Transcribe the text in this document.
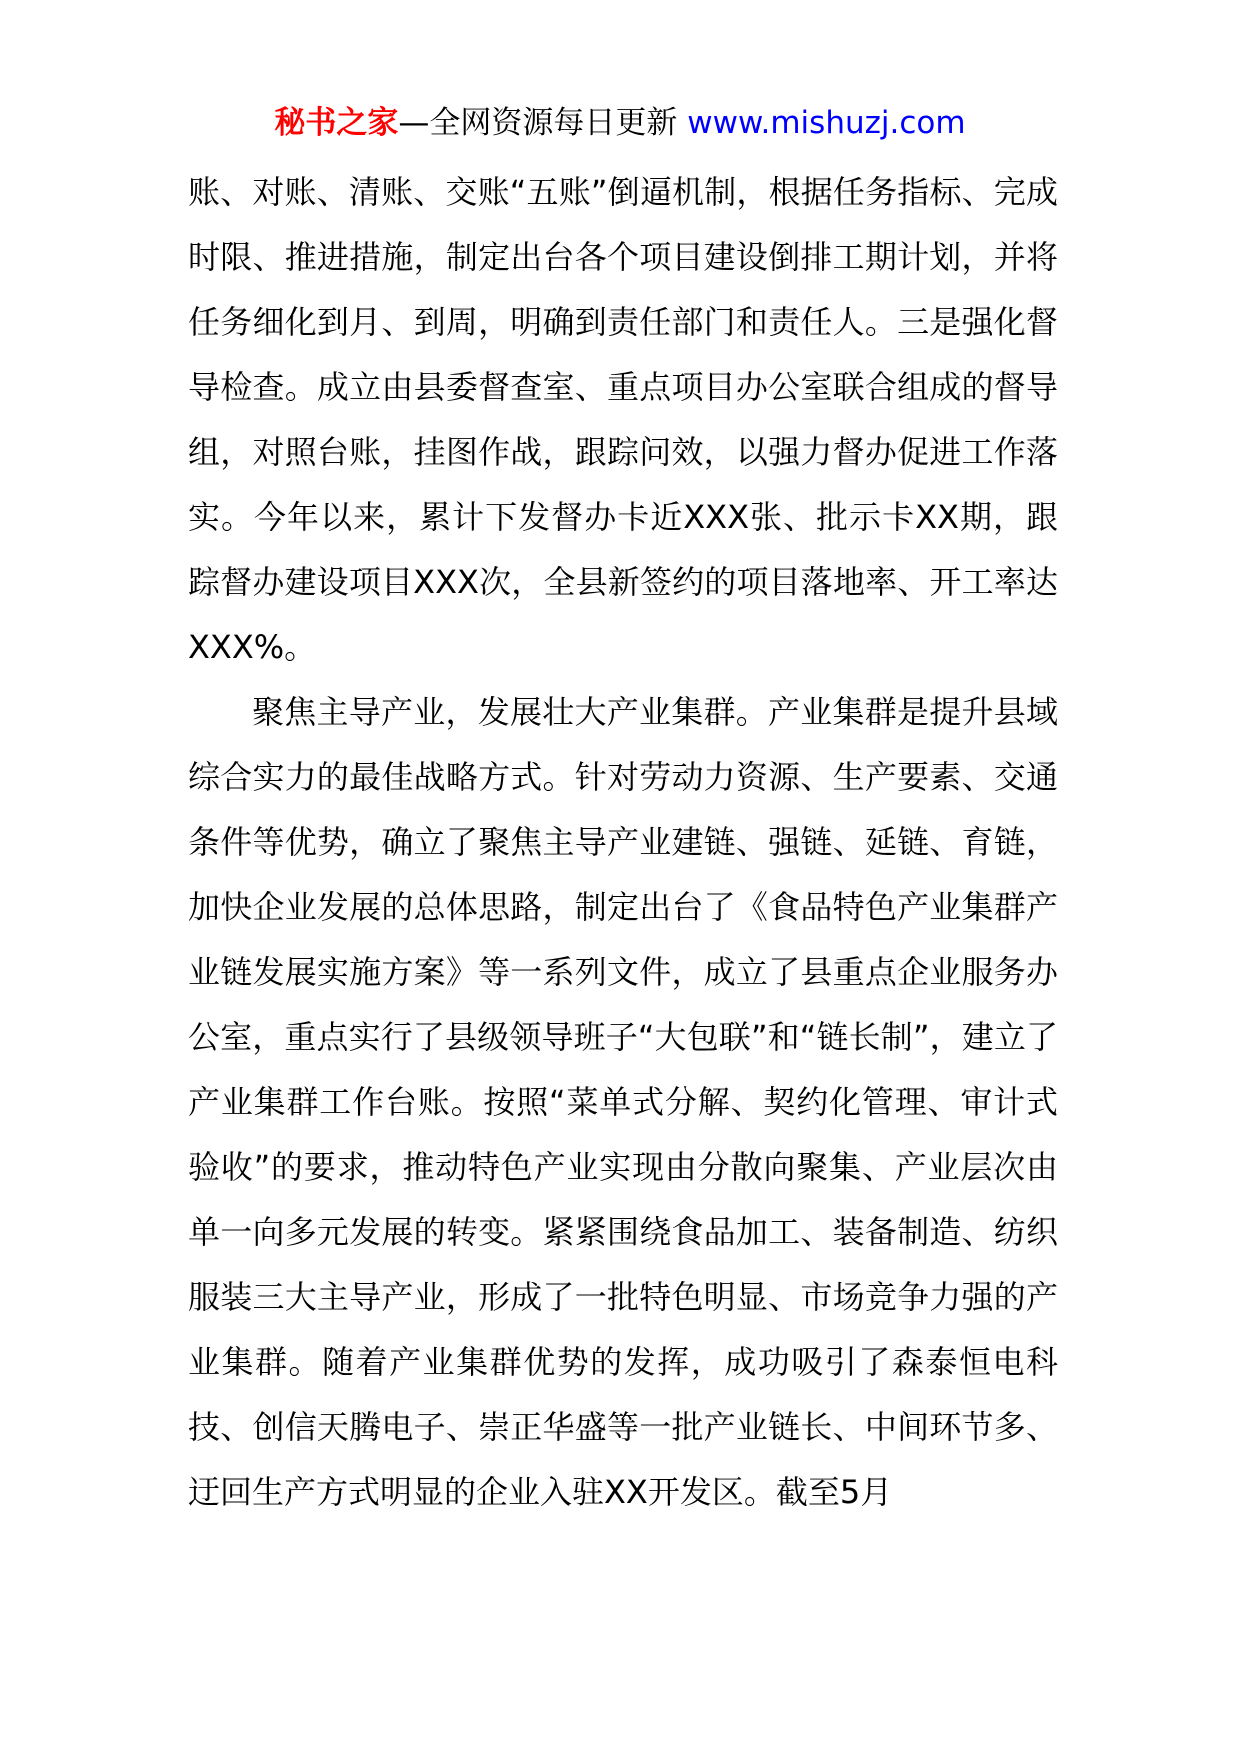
秘书之家—全网资源每日更新 www.mishuzj.com

账、对账、清账、交账“五账”倒逼机制，根据任务指标、完成时限、推进措施，制定出台各个项目建设倒排工期计划，并将任务细化到月、到周，明确到责任部门和责任人。三是强化督导检查。成立由县委督查室、重点项目办公室联合组成的督导组，对照台账，挂图作战，跟踪问效，以强力督办促进工作落实。今年以来，累计下发督办卡近XXX张、批示卡XX期，跟踪督办建设项目XXX次，全县新签约的项目落地率、开工率达XXX%。

聚焦主导产业，发展壮大产业集群。产业集群是提升县域综合实力的最佳战略方式。针对劳动力资源、生产要素、交通条件等优势，确立了聚焦主导产业建链、强链、延链、育链，加快企业发展的总体思路，制定出台了《食品特色产业集群产业链发展实施方案》等一系列文件，成立了县重点企业服务办公室，重点实行了县级领导班子“大包联”和“链长制”，建立了产业集群工作台账。按照“菜单式分解、契约化管理、审计式验收”的要求，推动特色产业实现由分散向聚集、产业层次由单一向多元发展的转变。紧紧围绕食品加工、装备制造、纺织服装三大主导产业，形成了一批特色明显、市场竞争力强的产业集群。随着产业集群优势的发挥，成功吸引了森泰恒电科技、创信天腾电子、崇正华盛等一批产业链长、中间环节多、迂回生产方式明显的企业入驻XX开发区。截至5月
